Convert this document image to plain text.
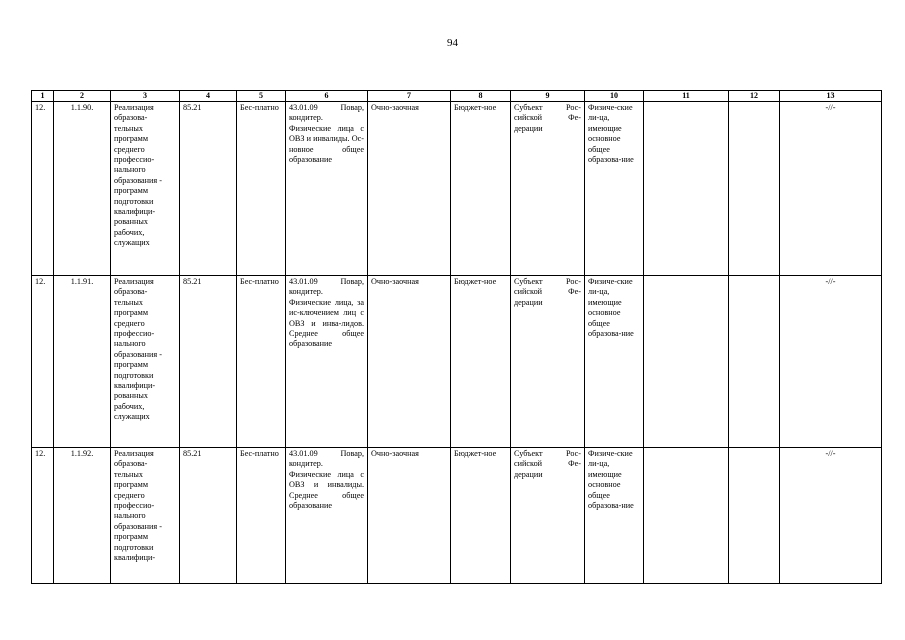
94
1	2	3	4	5	6	7	8	9	10	11	12	13
12.	1.1.90.	Реализация образова-тельных программ среднего профессио-нального образования - программ подготовки квалифици-рованных рабочих, служащих	85.21	Бес-платно	43.01.09 Повар, кондитер. Физические лица с ОВЗ и инвалиды. Ос-новное общее образование	Очно-заочная	Бюджет-ное	Субъект Рос-сийской Фе-дерации	Физиче-ские ли-ца, имеющие основное общее образова-ние			-//-
12.	1.1.91.	Реализация образова-тельных программ среднего профессио-нального образования - программ подготовки квалифици-рованных рабочих, служащих	85.21	Бес-платно	43.01.09 Повар, кондитер. Физические лица, за ис-ключением лиц с ОВЗ и инва-лидов. Среднее общее образование	Очно-заочная	Бюджет-ное	Субъект Рос-сийской Фе-дерации	Физиче-ские ли-ца, имеющие основное общее образова-ние			-//-
12.	1.1.92.	Реализация образова-тельных программ среднего профессио-нального образования - программ подготовки квалифици-	85.21	Бес-платно	43.01.09 Повар, кондитер. Физические лица с ОВЗ и инвалиды. Среднее общее образование	Очно-заочная	Бюджет-ное	Субъект Рос-сийской Фе-дерации	Физиче-ские ли-ца, имеющие основное общее образова-ние			-//-
